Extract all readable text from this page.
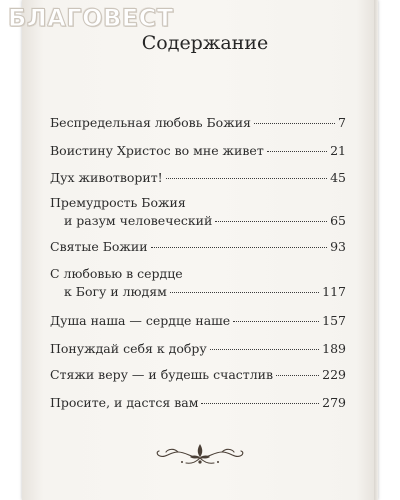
БЛАГОВЕСТ
Содержание
Беспредельная любовь Божия	7
Воистину Христос во мне живет	21
Дух животворит!	45
Премудрость Божия
и разум человеческий	65
Святые Божии	93
С любовью в сердце
к Богу и людям	117
Душа наша — сердце наше	157
Понуждай себя к добру	189
Стяжи веру — и будешь счастлив	229
Просите, и дастся вам	279
